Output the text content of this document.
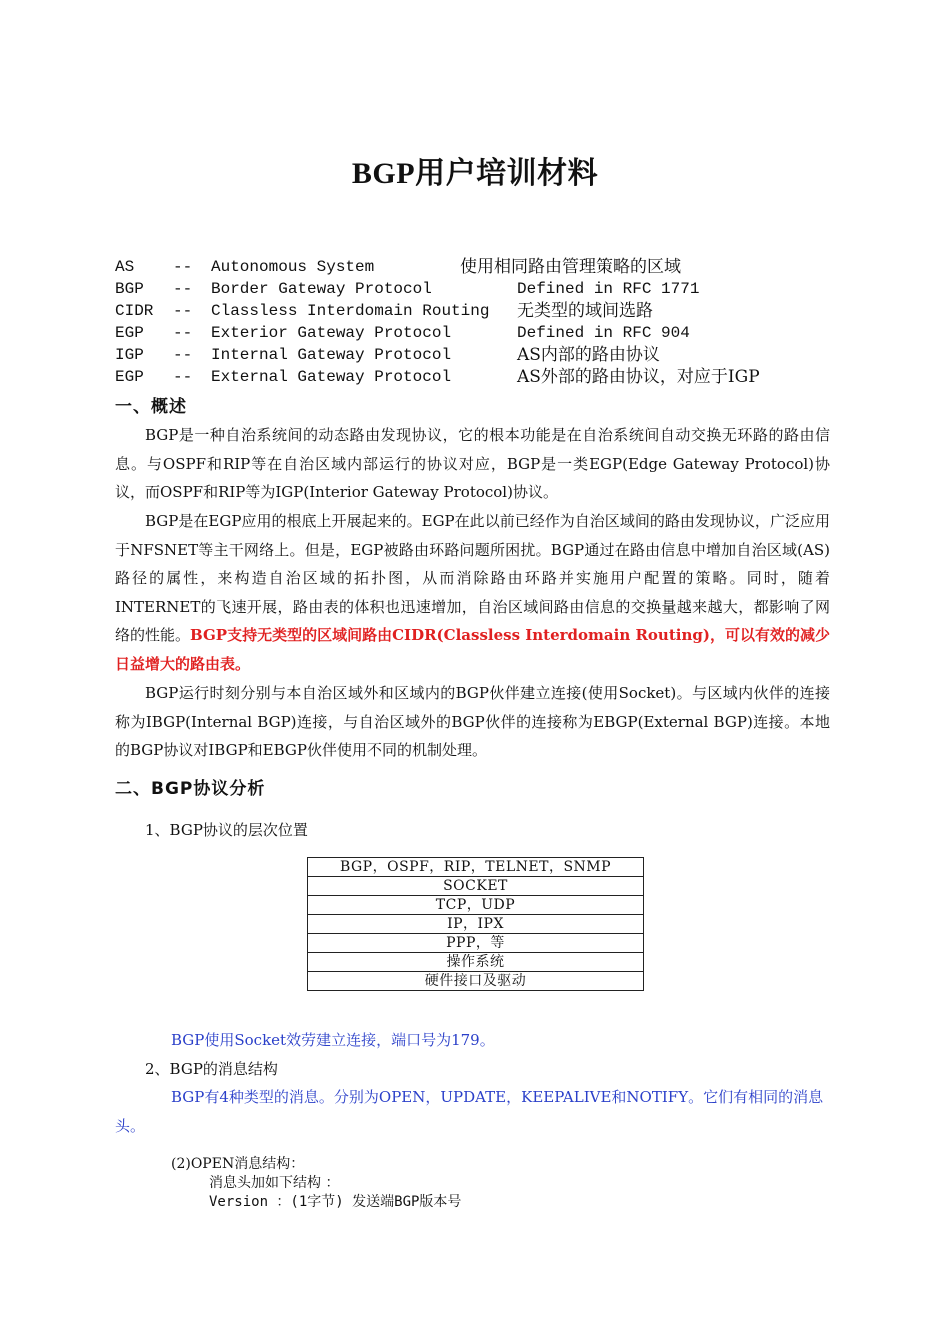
BGP用户培训材料
AS -- Autonomous System	使用相同路由管理策略的区域
BGP -- Border Gateway Protocol	Defined in RFC 1771
CIDR -- Classless Interdomain Routing 无类型的域间选路
EGP -- Exterior Gateway Protocol	Defined in RFC 904
IGP -- Internal Gateway Protocol	AS内部的路由协议
EGP -- External Gateway Protocol	AS外部的路由协议，对应于IGP
一、概述
BGP是一种自治系统间的动态路由发现协议，它的根本功能是在自治系统间自动交换无环路的路由信息。与OSPF和RIP等在自治区域内部运行的协议对应，BGP是一类EGP(Edge Gateway Protocol)协议，而OSPF和RIP等为IGP(Interior Gateway Protocol)协议。
BGP是在EGP应用的根底上开展起来的。EGP在此以前已经作为自治区域间的路由发现协议，广泛应用于NFSNET等主干网络上。但是，EGP被路由环路问题所困扰。BGP通过在路由信息中增加自治区域(AS)路径的属性，来构造自治区域的拓扑图，从而消除路由环路并实施用户配置的策略。同时，随着INTERNET的飞速开展，路由表的体积也迅速增加，自治区域间路由信息的交换量越来越大，都影响了网络的性能。BGP支持无类型的区域间路由CIDR(Classless Interdomain Routing)，可以有效的减少日益增大的路由表。
BGP运行时刻分别与本自治区域外和区域内的BGP伙伴建立连接(使用Socket)。与区域内伙伴的连接称为IBGP(Internal BGP)连接，与自治区域外的BGP伙伴的连接称为EBGP(External BGP)连接。本地的BGP协议对IBGP和EBGP伙伴使用不同的机制处理。
二、BGP协议分析
1、BGP协议的层次位置
BGP，OSPF，RIP，TELNET，SNMP
SOCKET
TCP，UDP
IP，IPX
PPP，等
操作系统
硬件接口及驱动
BGP使用Socket效劳建立连接，端口号为179。
2、BGP的消息结构
BGP有4种类型的消息。分别为OPEN，UPDATE，KEEPALIVE和NOTIFY。它们有相同的消息头。
(2)OPEN消息结构：
消息头加如下结构 ：
Version ：(1字节) 发送端BGP版本号
